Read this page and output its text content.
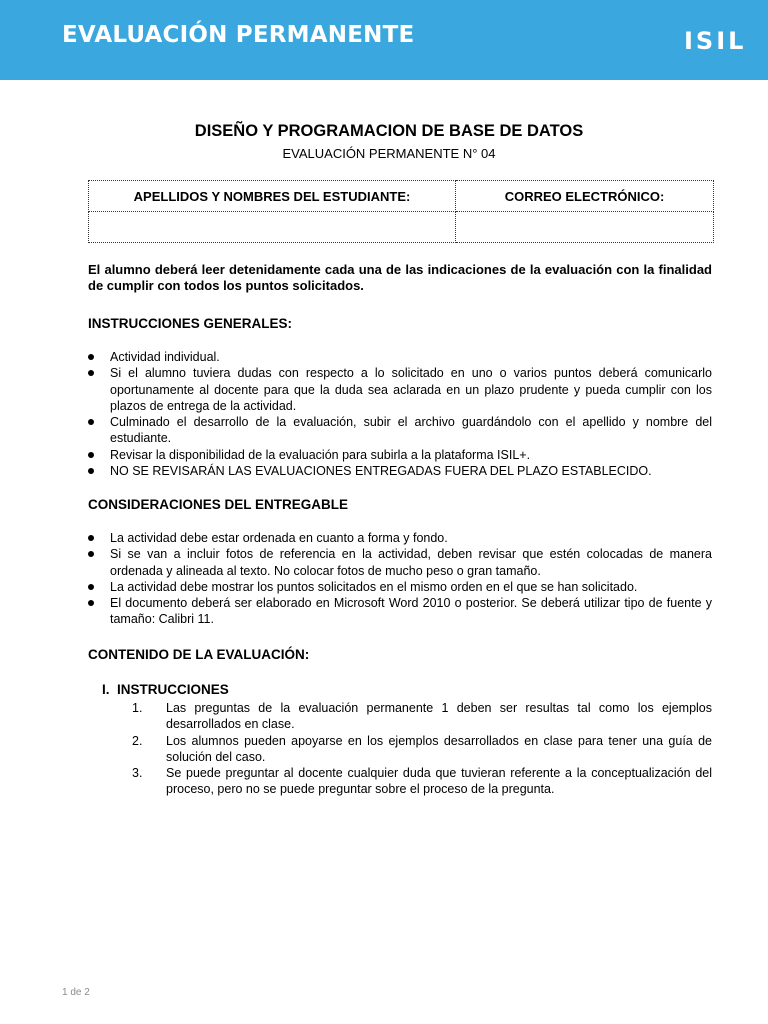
EVALUACIÓN PERMANENTE	ISIL
DISEÑO Y PROGRAMACION DE BASE DE DATOS
EVALUACIÓN PERMANENTE N° 04
APELLIDOS Y NOMBRES DEL ESTUDIANTE:	CORREO ELECTRÓNICO:

El alumno deberá leer detenidamente cada una de las indicaciones de la evaluación con la finalidad de cumplir con todos los puntos solicitados.
INSTRUCCIONES GENERALES:
Actividad individual.
Si el alumno tuviera dudas con respecto a lo solicitado en uno o varios puntos deberá comunicarlo oportunamente al docente para que la duda sea aclarada en un plazo prudente y pueda cumplir con los plazos de entrega de la actividad.
Culminado el desarrollo de la evaluación, subir el archivo guardándolo con el apellido y nombre del estudiante.
Revisar la disponibilidad de la evaluación para subirla a la plataforma ISIL+.
NO SE REVISARÁN LAS EVALUACIONES ENTREGADAS FUERA DEL PLAZO ESTABLECIDO.
CONSIDERACIONES DEL ENTREGABLE
La actividad debe estar ordenada en cuanto a forma y fondo.
Si se van a incluir fotos de referencia en la actividad, deben revisar que estén colocadas de manera ordenada y alineada al texto. No colocar fotos de mucho peso o gran tamaño.
La actividad debe mostrar los puntos solicitados en el mismo orden en el que se han solicitado.
El documento deberá ser elaborado en Microsoft Word 2010 o posterior. Se deberá utilizar tipo de fuente y tamaño: Calibri 11.
CONTENIDO DE LA EVALUACIÓN:
I. INSTRUCCIONES
1. Las preguntas de la evaluación permanente 1 deben ser resultas tal como los ejemplos desarrollados en clase.
2. Los alumnos pueden apoyarse en los ejemplos desarrollados en clase para tener una guía de solución del caso.
3. Se puede preguntar al docente cualquier duda que tuvieran referente a la conceptualización del proceso, pero no se puede preguntar sobre el proceso de la pregunta.
1 de 2
